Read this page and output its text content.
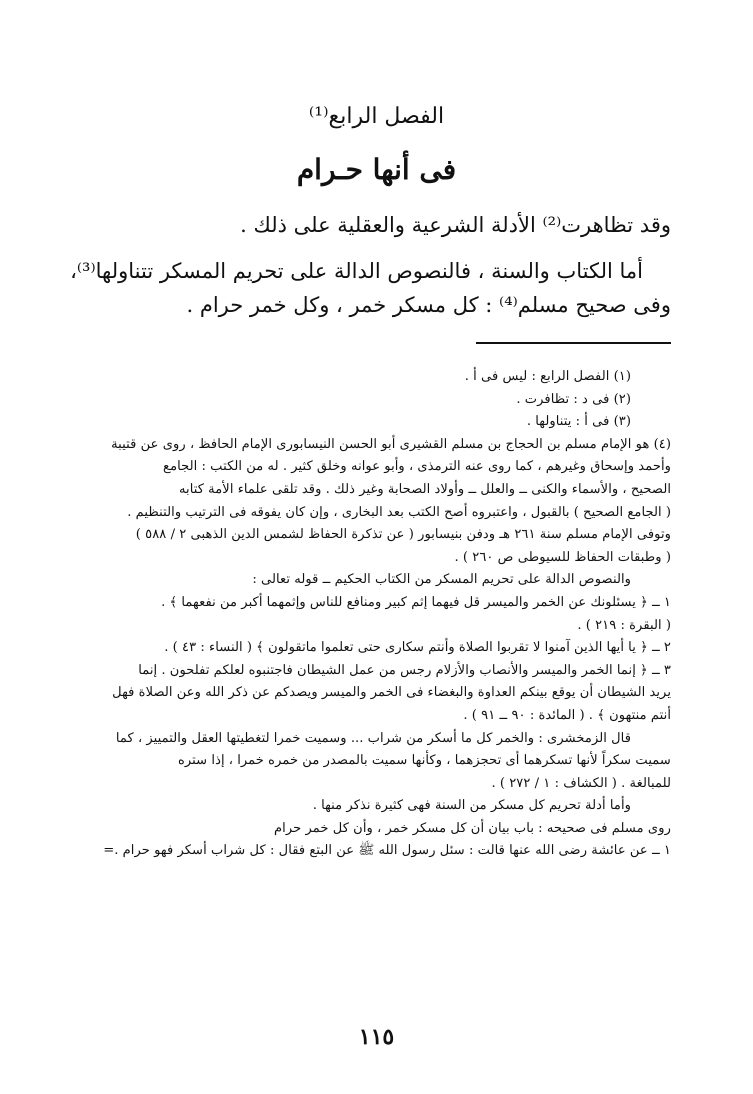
الفصل الرابع⁽¹⁾
فى أنها حـرام
وقد تظاهرت⁽²⁾ الأدلة الشرعية والعقلية على ذلك .
أما الكتاب والسنة ، فالنصوص الدالة على تحريم المسكر تتناولها⁽³⁾،
وفى صحيح مسلم⁽⁴⁾ : كل مسكر خمر ، وكل خمر حرام .
(١) الفصل الرابع : ليس فى أ .
(٢) فى د : تظافرت .
(٣) فى أ : يتناولها .
(٤) هو الإمام مسلم بن الحجاج بن مسلم القشيرى أبو الحسن النيسابورى الإمام الحافظ ، روى عن قتيبة
وأحمد وإسحاق وغيرهم ، كما روى عنه الترمذى ، وأبو عوانه وخلق كثير . له من الكتب : الجامع
الصحيح ، والأسماء والكنى ــ والعلل ــ وأولاد الصحابة وغير ذلك . وقد تلقى علماء الأمة كتابه
( الجامع الصحيح ) بالقبول ، واعتبروه أصح الكتب بعد البخارى ، وإن كان يفوقه فى الترتيب والتنظيم .
وتوفى الإمام مسلم سنة ٢٦١ هـ ودفن بنيسابور ( عن تذكرة الحفاظ لشمس الدين الذهبى ٢ / ٥٨٨ )
( وطبقات الحفاظ للسيوطى ص ٢٦٠ ) .
والنصوص الدالة على تحريم المسكر من الكتاب الحكيم ــ قوله تعالى :
١ ــ ﴿ يسئلونك عن الخمر والميسر قل فيهما إثم كبير ومنافع للناس وإثمهما أكبر من نفعهما ﴾ .
( البقرة : ٢١٩ ) .
٢ ــ ﴿ يا أيها الذين آمنوا لا تقربوا الصلاة وأنتم سكارى حتى تعلموا ماتقولون ﴾ ( النساء : ٤٣ ) .
٣ ــ ﴿ إنما الخمر والميسر والأنصاب والأزلام رجس من عمل الشيطان فاجتنبوه لعلكم تفلحون . إنما
يريد الشيطان أن يوقع بينكم العداوة والبغضاء فى الخمر والميسر ويصدكم عن ذكر الله وعن الصلاة فهل
أنتم منتهون ﴾ . ( المائدة : ٩٠ ــ ٩١ ) .
قال الزمخشرى : والخمر كل ما أسكر من شراب ... وسميت خمرا لتغطيتها العقل والتمييز ، كما
سميت سكراً لأنها تسكرهما أى تحجزهما ، وكأنها سميت بالمصدر من خمره خمرا ، إذا ستره
للمبالغة . ( الكشاف : ١ / ٢٧٢ ) .
وأما أدلة تحريم كل مسكر من السنة فهى كثيرة نذكر منها .
روى مسلم فى صحيحه : باب بيان أن كل مسكر خمر ، وأن كل خمر حرام
١ ــ عن عائشة رضى الله عنها قالت : سئل رسول الله ﷺ عن البتع فقال : كل شراب أسكر فهو حرام .=
١١٥
